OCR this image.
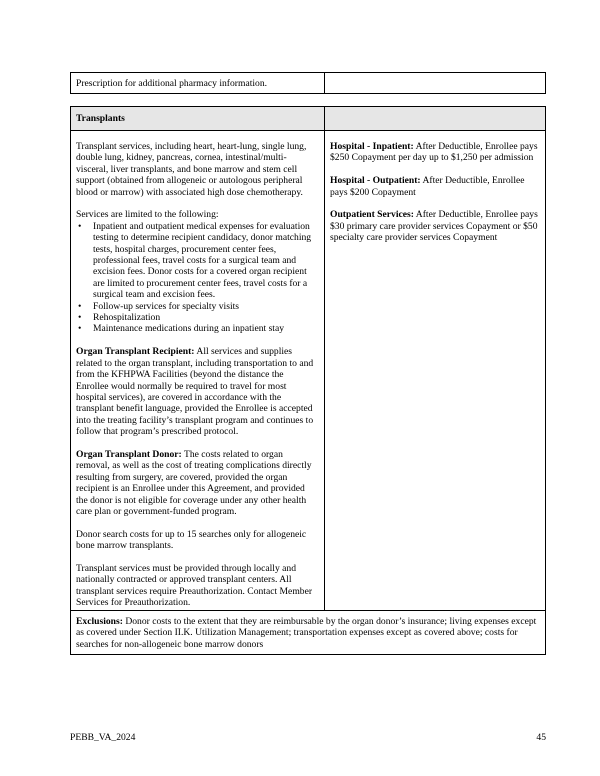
Prescription for additional pharmacy information.
Transplants

Transplant services, including heart, heart-lung, single lung, double lung, kidney, pancreas, cornea, intestinal/multi-visceral, liver transplants, and bone marrow and stem cell support (obtained from allogeneic or autologous peripheral blood or marrow) with associated high dose chemotherapy.

Services are limited to the following:

• Inpatient and outpatient medical expenses for evaluation testing to determine recipient candidacy, donor matching tests, hospital charges, procurement center fees, professional fees, travel costs for a surgical team and excision fees. Donor costs for a covered organ recipient are limited to procurement center fees, travel costs for a surgical team and excision fees.
• Follow-up services for specialty visits
• Rehospitalization
• Maintenance medications during an inpatient stay

Organ Transplant Recipient: All services and supplies related to the organ transplant, including transportation to and from the KFHPWA Facilities (beyond the distance the Enrollee would normally be required to travel for most hospital services), are covered in accordance with the transplant benefit language, provided the Enrollee is accepted into the treating facility’s transplant program and continues to follow that program’s prescribed protocol.

Organ Transplant Donor: The costs related to organ removal, as well as the cost of treating complications directly resulting from surgery, are covered, provided the organ recipient is an Enrollee under this Agreement, and provided the donor is not eligible for coverage under any other health care plan or government-funded program.

Donor search costs for up to 15 searches only for allogeneic bone marrow transplants.

Transplant services must be provided through locally and nationally contracted or approved transplant centers. All transplant services require Preauthorization. Contact Member Services for Preauthorization.

Hospital - Inpatient: After Deductible, Enrollee pays $250 Copayment per day up to $1,250 per admission

Hospital - Outpatient: After Deductible, Enrollee pays $200 Copayment

Outpatient Services: After Deductible, Enrollee pays $30 primary care provider services Copayment or $50 specialty care provider services Copayment

Exclusions: Donor costs to the extent that they are reimbursable by the organ donor’s insurance; living expenses except as covered under Section II.K. Utilization Management; transportation expenses except as covered above; costs for searches for non-allogeneic bone marrow donors
PEBB_VA_2024	45
